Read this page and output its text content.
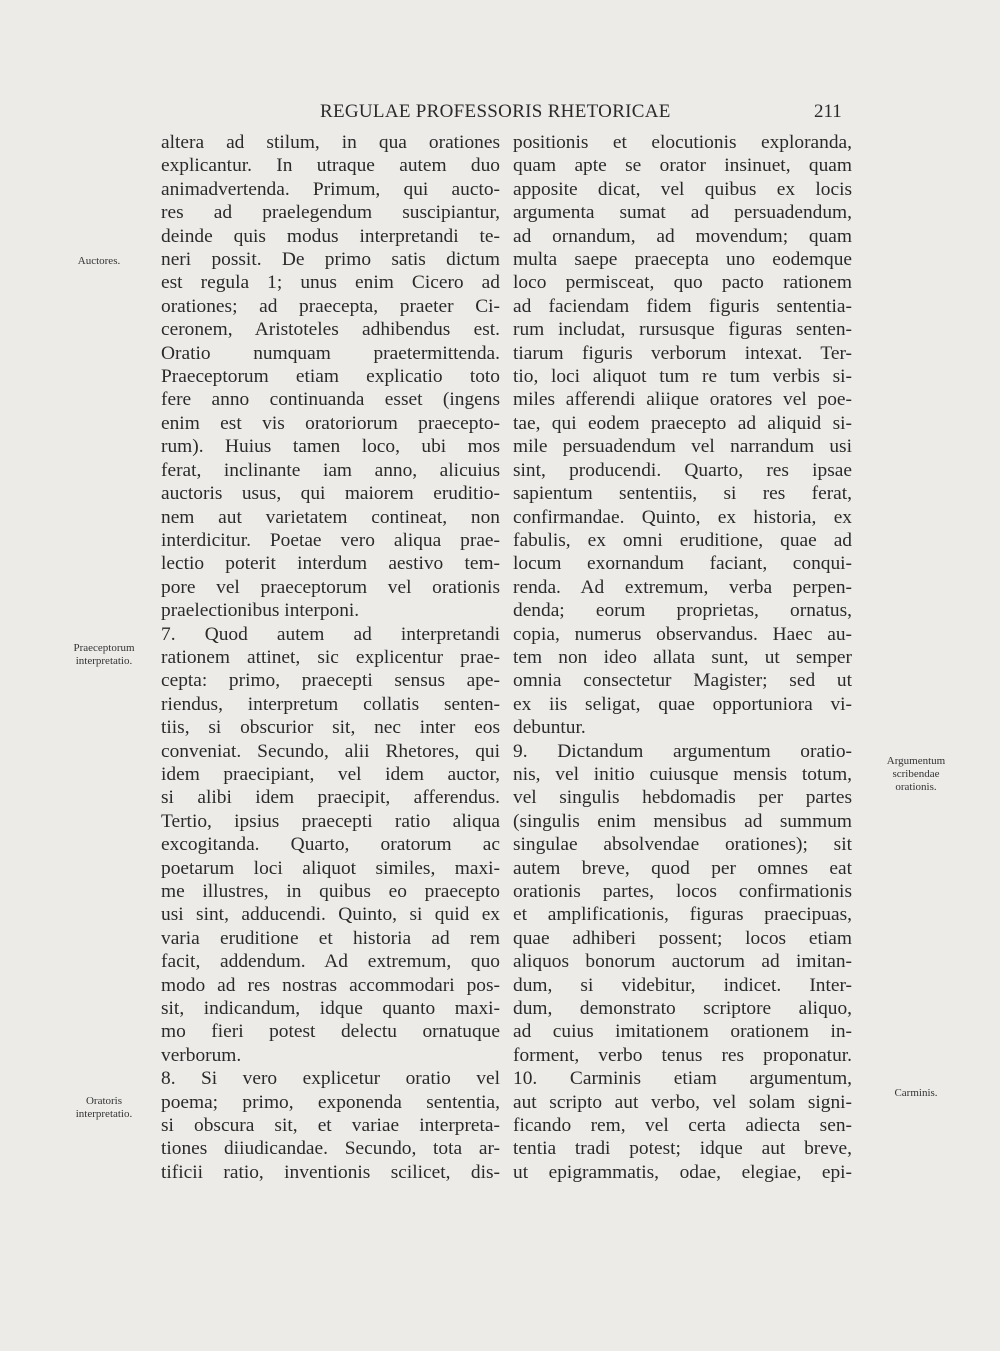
REGULAE PROFESSORIS RHETORICAE	211
altera ad stilum, in qua orationes
explicantur. In utraque autem duo
animadvertenda. Primum, qui aucto-
res ad praelegendum suscipiantur,
deinde quis modus interpretandi te-
neri possit. De primo satis dictum
est regula 1; unus enim Cicero ad
orationes; ad praecepta, praeter Ci-
ceronem, Aristoteles adhibendus est.
Oratio numquam praetermittenda.
Praeceptorum etiam explicatio toto
fere anno continuanda esset (ingens
enim est vis oratoriorum praecepto-
rum). Huius tamen loco, ubi mos
ferat, inclinante iam anno, alicuius
auctoris usus, qui maiorem eruditio-
nem aut varietatem contineat, non
interdicitur. Poetae vero aliqua prae-
lectio poterit interdum aestivo tem-
pore vel praeceptorum vel orationis
praelectionibus interponi.
7. Quod autem ad interpretandi
rationem attinet, sic explicentur prae-
cepta: primo, praecepti sensus ape-
riendus, interpretum collatis senten-
tiis, si obscurior sit, nec inter eos
conveniat. Secundo, alii Rhetores, qui
idem praecipiant, vel idem auctor,
si alibi idem praecipit, afferendus.
Tertio, ipsius praecepti ratio aliqua
excogitanda. Quarto, oratorum ac
poetarum loci aliquot similes, maxi-
me illustres, in quibus eo praecepto
usi sint, adducendi. Quinto, si quid ex
varia eruditione et historia ad rem
facit, addendum. Ad extremum, quo
modo ad res nostras accommodari pos-
sit, indicandum, idque quanto maxi-
mo fieri potest delectu ornatuque
verborum.
8. Si vero explicetur oratio vel
poema; primo, exponenda sententia,
si obscura sit, et variae interpreta-
tiones diiudicandae. Secundo, tota ar-
tificii ratio, inventionis scilicet, dis-
positionis et elocutionis exploranda,
quam apte se orator insinuet, quam
apposite dicat, vel quibus ex locis
argumenta sumat ad persuadendum,
ad ornandum, ad movendum; quam
multa saepe praecepta uno eodemque
loco permisceat, quo pacto rationem
ad faciendam fidem figuris sententia-
rum includat, rursusque figuras senten-
tiarum figuris verborum intexat. Ter-
tio, loci aliquot tum re tum verbis si-
miles afferendi aliique oratores vel poe-
tae, qui eodem praecepto ad aliquid si-
mile persuadendum vel narrandum usi
sint, producendi. Quarto, res ipsae
sapientum sententiis, si res ferat,
confirmandae. Quinto, ex historia, ex
fabulis, ex omni eruditione, quae ad
locum exornandum faciant, conqui-
renda. Ad extremum, verba perpen-
denda; eorum proprietas, ornatus,
copia, numerus observandus. Haec au-
tem non ideo allata sunt, ut semper
omnia consectetur Magister; sed ut
ex iis seligat, quae opportuniora vi-
debuntur.
9. Dictandum argumentum oratio-
nis, vel initio cuiusque mensis totum,
vel singulis hebdomadis per partes
(singulis enim mensibus ad summum
singulae absolvendae orationes); sit
autem breve, quod per omnes eat
orationis partes, locos confirmationis
et amplificationis, figuras praecipuas,
quae adhiberi possent; locos etiam
aliquos bonorum auctorum ad imitan-
dum, si videbitur, indicet. Inter-
dum, demonstrato scriptore aliquo,
ad cuius imitationem orationem in-
forment, verbo tenus res proponatur.
10. Carminis etiam argumentum,
aut scripto aut verbo, vel solam signi-
ficando rem, vel certa adiecta sen-
tentia tradi potest; idque aut breve,
ut epigrammatis, odae, elegiae, epi-
Auctores.
Praeceptorum
interpretatio.
Oratoris
interpretatio.
Argumentum
scribendae
orationis.
Carminis.
